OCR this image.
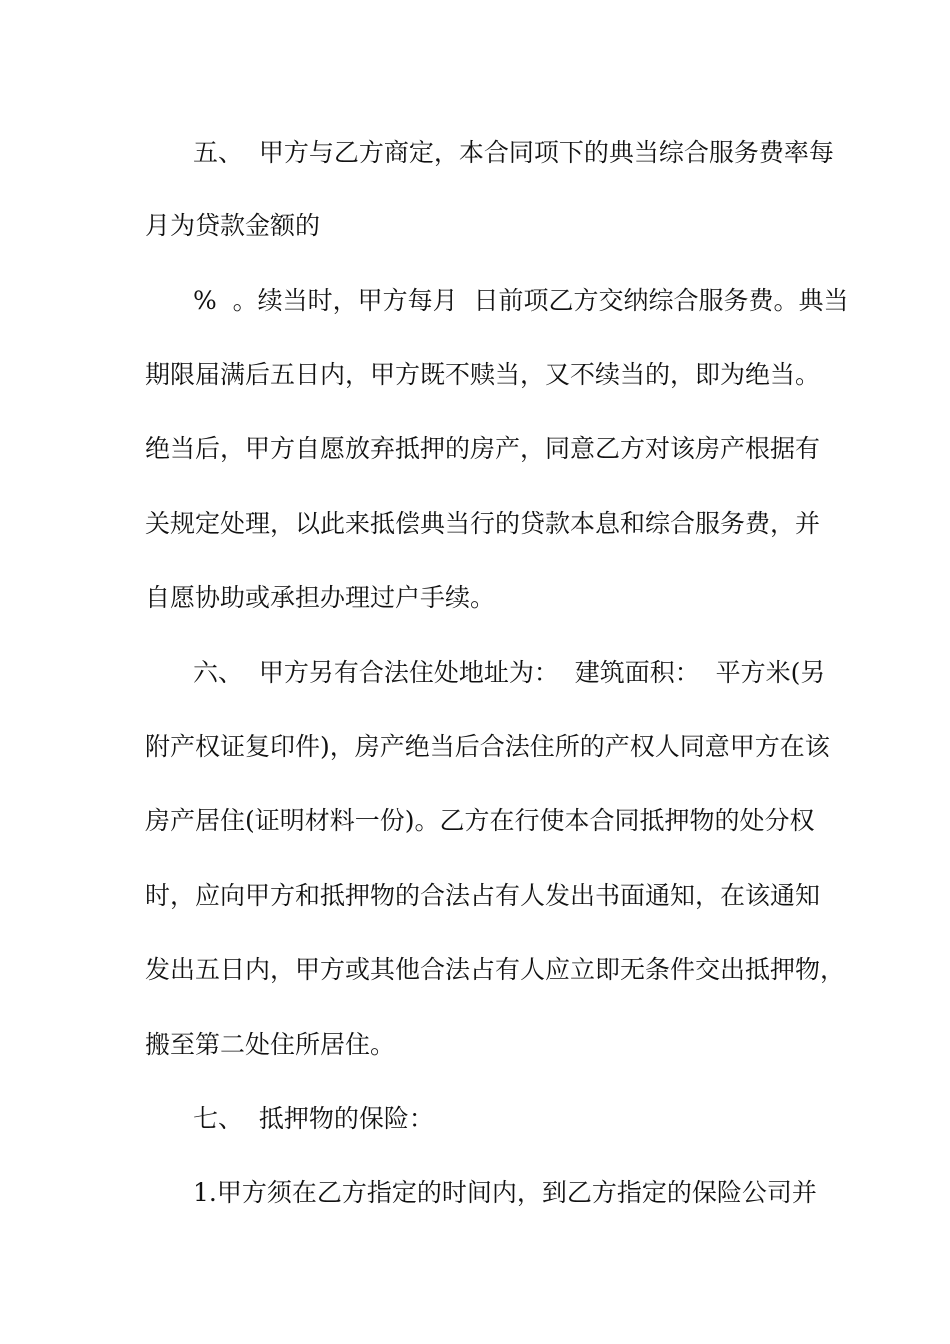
五、  甲方与乙方商定，本合同项下的典当综合服务费率每
月为贷款金额的
%  。续当时，甲方每月  日前项乙方交纳综合服务费。典当
期限届满后五日内，甲方既不赎当，又不续当的，即为绝当。
绝当后，甲方自愿放弃抵押的房产，同意乙方对该房产根据有
关规定处理，以此来抵偿典当行的贷款本息和综合服务费，并
自愿协助或承担办理过户手续。
六、  甲方另有合法住处地址为：  建筑面积：  平方米(另
附产权证复印件)，房产绝当后合法住所的产权人同意甲方在该
房产居住(证明材料一份)。乙方在行使本合同抵押物的处分权
时，应向甲方和抵押物的合法占有人发出书面通知，在该通知
发出五日内，甲方或其他合法占有人应立即无条件交出抵押物，
搬至第二处住所居住。
七、  抵押物的保险：
1.甲方须在乙方指定的时间内，到乙方指定的保险公司并
